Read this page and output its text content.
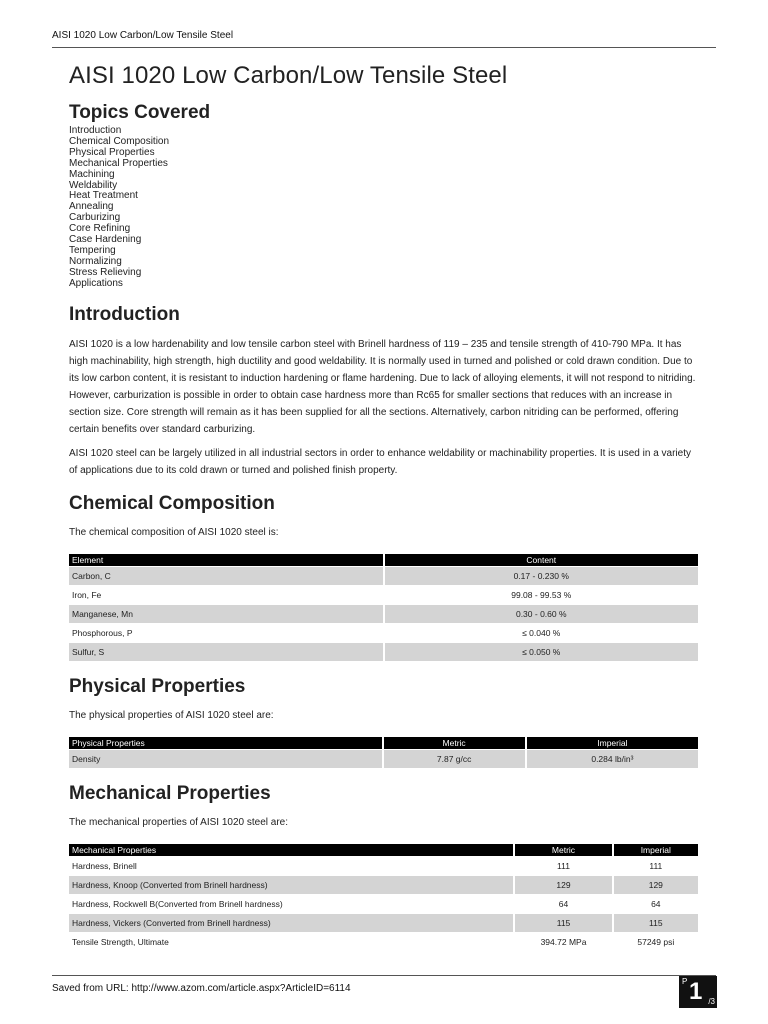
AISI 1020 Low Carbon/Low Tensile Steel
AISI 1020 Low Carbon/Low Tensile Steel
Topics Covered
Introduction
Chemical Composition
Physical Properties
Mechanical Properties
Machining
Weldability
Heat Treatment
Annealing
Carburizing
Core Refining
Case Hardening
Tempering
Normalizing
Stress Relieving
Applications
Introduction

AISI 1020 is a low hardenability and low tensile carbon steel with Brinell hardness of 119 – 235 and tensile strength of 410-790 MPa. It has high machinability, high strength, high ductility and good weldability. It is normally used in turned and polished or cold drawn condition. Due to its low carbon content, it is resistant to induction hardening or flame hardening. Due to lack of alloying elements, it will not respond to nitriding. However, carburization is possible in order to obtain case hardness more than Rc65 for smaller sections that reduces with an increase in section size. Core strength will remain as it has been supplied for all the sections. Alternatively, carbon nitriding can be performed, offering certain benefits over standard carburizing.

AISI 1020 steel can be largely utilized in all industrial sectors in order to enhance weldability or machinability properties. It is used in a variety of applications due to its cold drawn or turned and polished finish property.

Chemical Composition

The chemical composition of AISI 1020 steel is:

Element	Content
Carbon, C	0.17 - 0.230 %
Iron, Fe	99.08 - 99.53 %
Manganese, Mn	0.30 - 0.60 %
Phosphorous, P	≤ 0.040 %
Sulfur, S	≤ 0.050 %
Physical Properties

The physical properties of AISI 1020 steel are:

Physical Properties	Metric	Imperial
Density	7.87 g/cc	0.284 lb/in³
Mechanical Properties

The mechanical properties of AISI 1020 steel are:

Mechanical Properties	Metric	Imperial
Hardness, Brinell	111	111
Hardness, Knoop (Converted from Brinell hardness)	129	129
Hardness, Rockwell B(Converted from Brinell hardness)	64	64
Hardness, Vickers (Converted from Brinell hardness)	115	115
Tensile Strength, Ultimate	394.72 MPa	57249 psi
Saved from URL: http://www.azom.com/article.aspx?ArticleID=6114
P 1 /3
